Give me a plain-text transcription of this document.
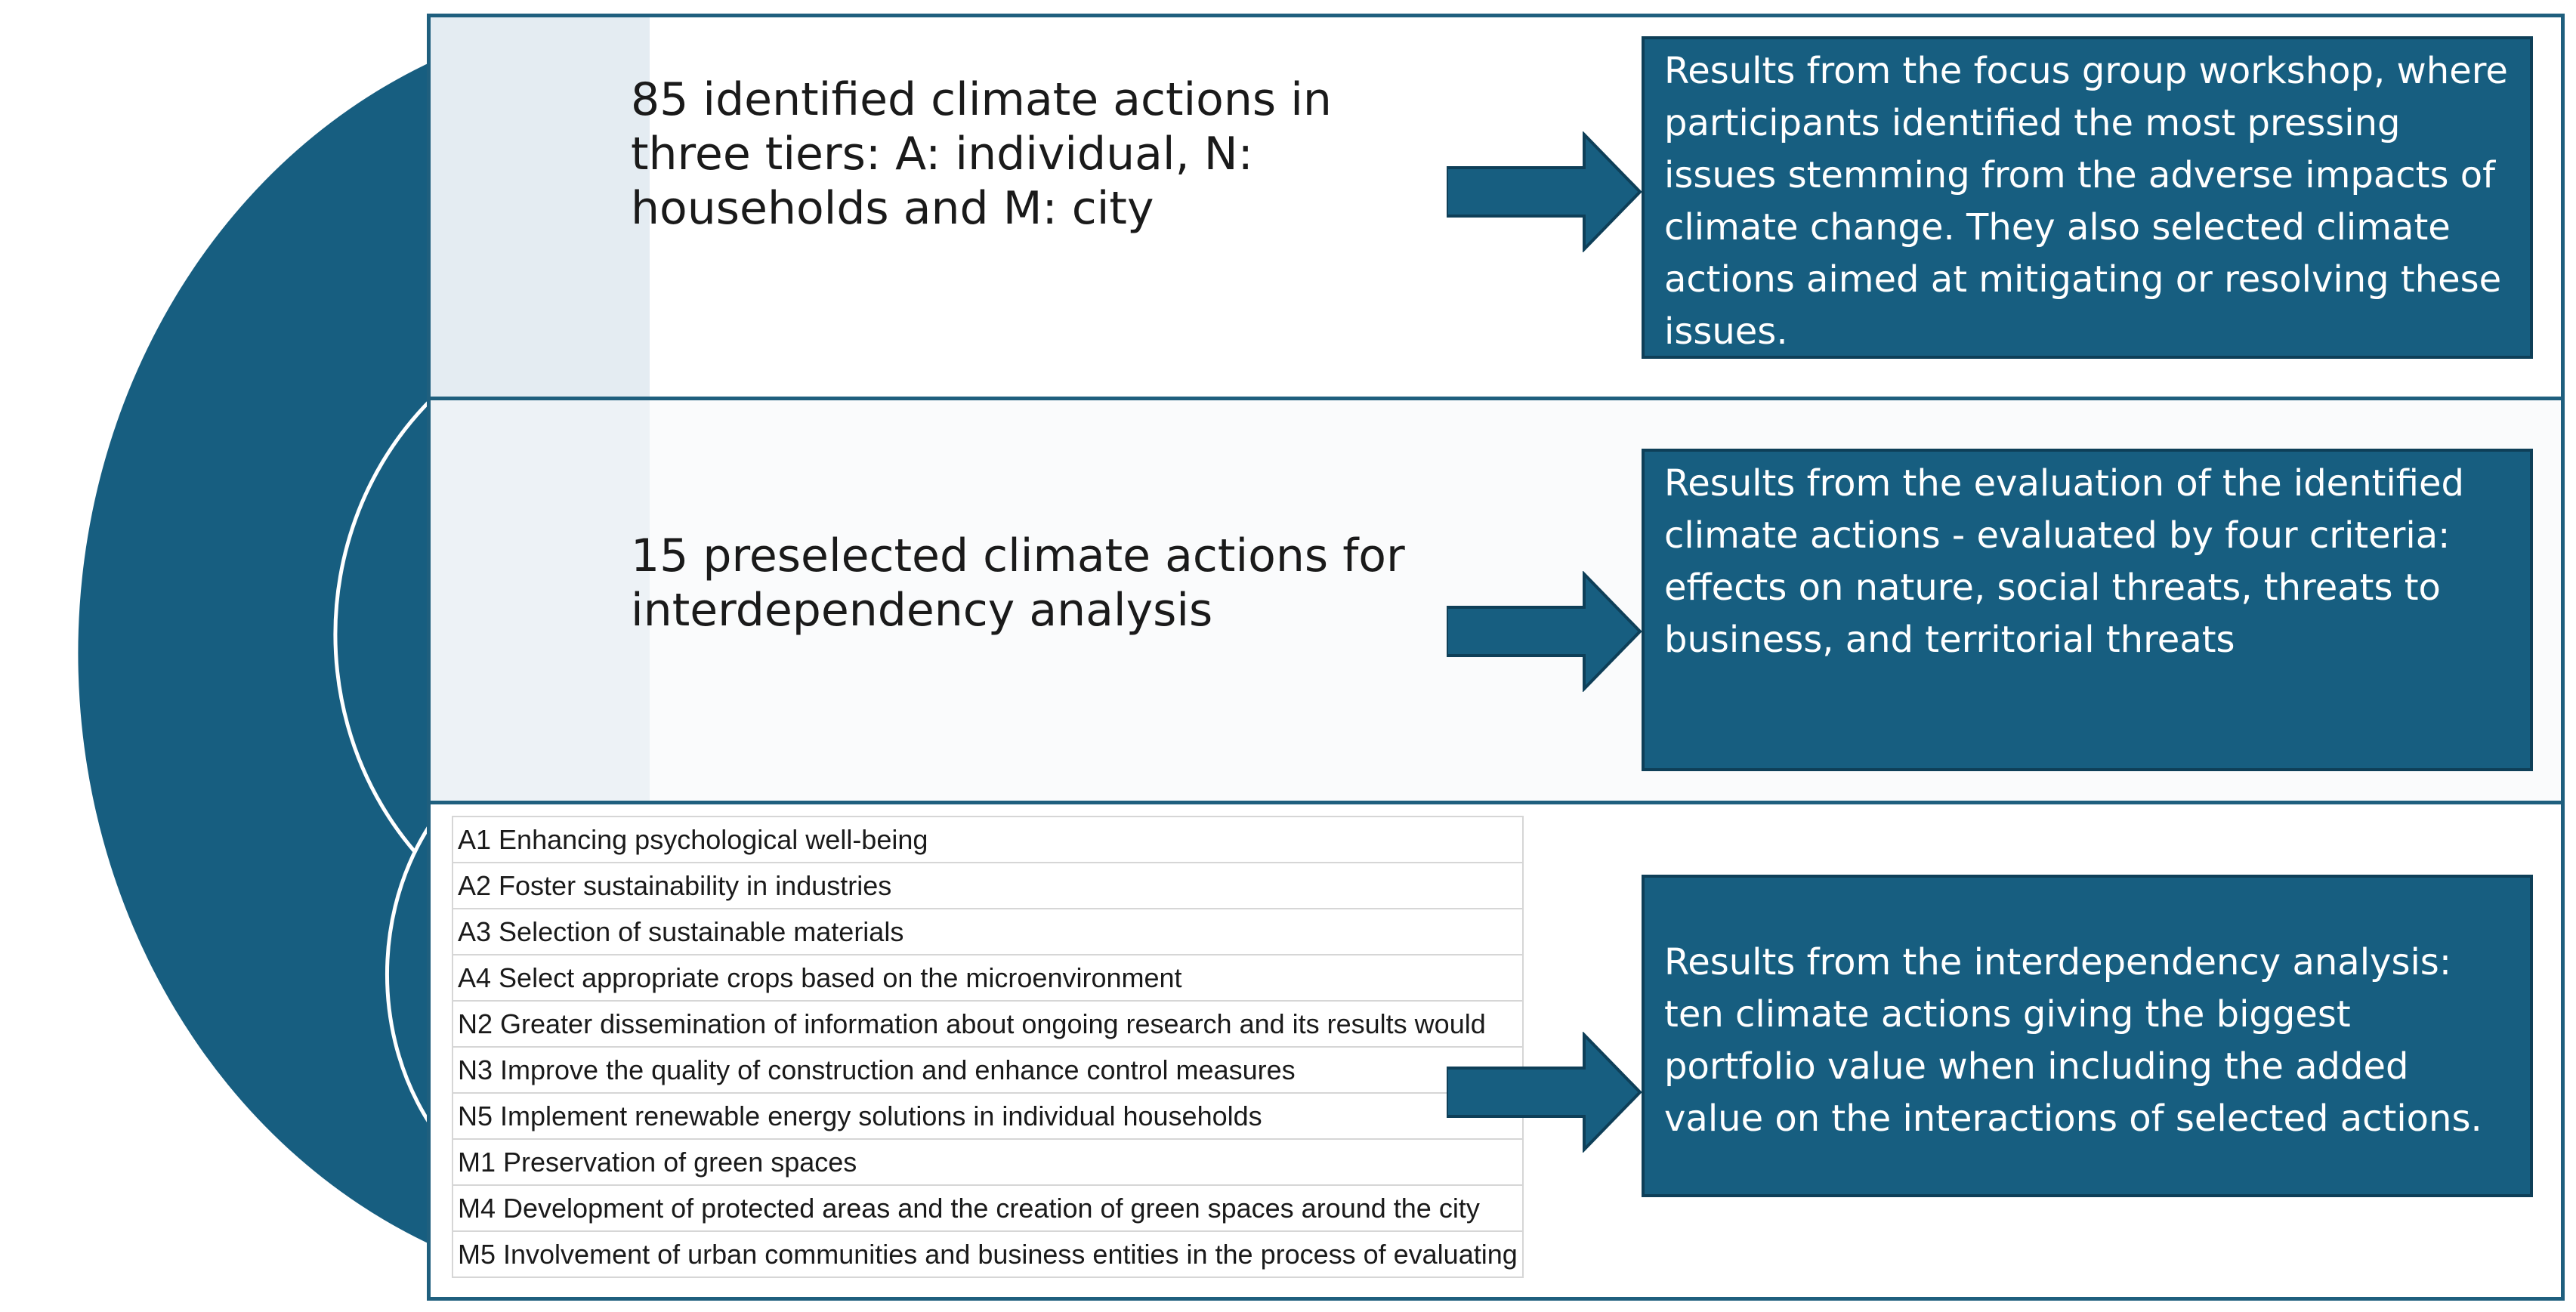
85 identified climate actions in three tiers: A: individual, N: households and M: city

Results from the focus group workshop, where participants identified the most pressing issues stemming from the adverse impacts of climate change. They also selected climate actions aimed at mitigating or resolving these issues.

15 preselected climate actions for interdependency analysis

Results from the evaluation of the identified climate actions - evaluated by four criteria: effects on nature, social threats, threats to business, and territorial threats
A1 Enhancing psychological well-being
A2 Foster sustainability in industries
A3 Selection of sustainable materials
A4 Select appropriate crops based on the microenvironment
N2 Greater dissemination of information about ongoing research and its results would
N3 Improve the quality of construction and enhance control measures
N5 Implement renewable energy solutions in individual households
M1 Preservation of green spaces
M4 Development of protected areas and the creation of green spaces around the city
M5 Involvement of urban communities and business entities in the process of evaluating
Results from the interdependency analysis: ten climate actions giving the biggest portfolio value when including the added value on the interactions of selected actions.
